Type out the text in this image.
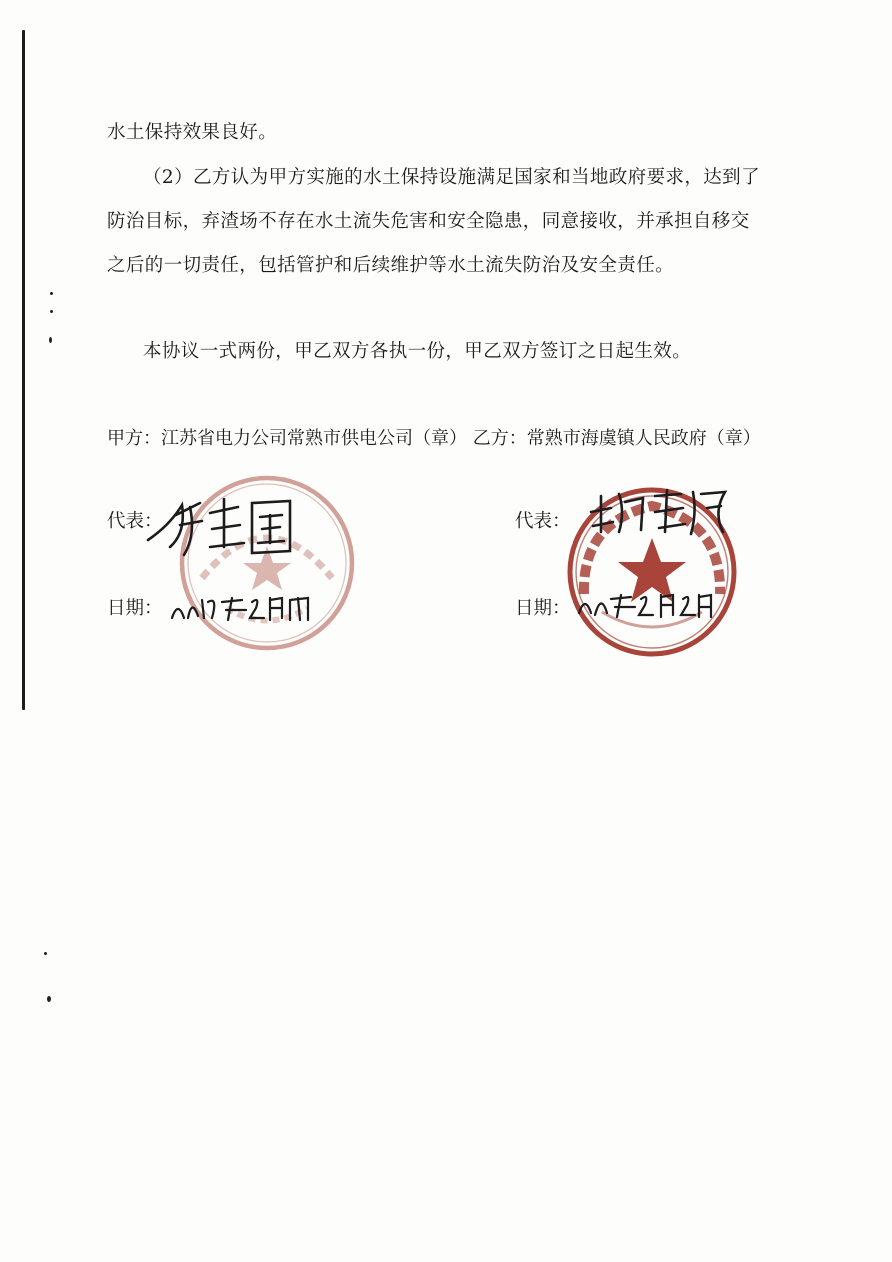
水土保持效果良好。
（2）乙方认为甲方实施的水土保持设施满足国家和当地政府要求，达到了
防治目标，弃渣场不存在水土流失危害和安全隐患，同意接收，并承担自移交
之后的一切责任，包括管护和后续维护等水土流失防治及安全责任。
本协议一式两份，甲乙双方各执一份，甲乙双方签订之日起生效。
甲方：江苏省电力公司常熟市供电公司（章） 乙方：常熟市海虞镇人民政府（章）
代表：
日期：
代表：
日期：
